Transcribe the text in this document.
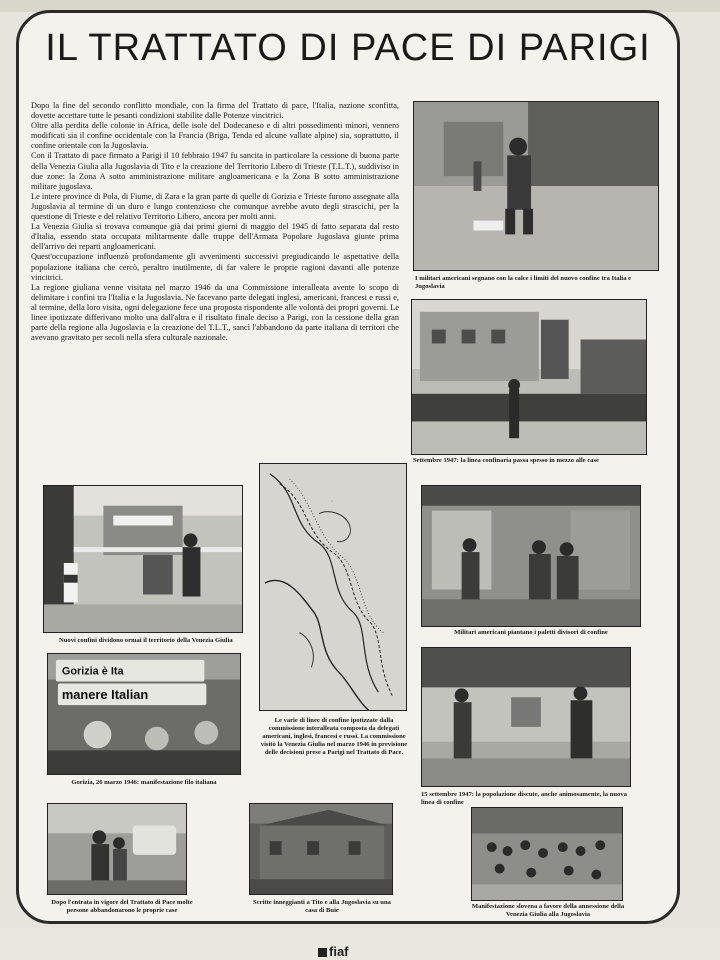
IL TRATTATO DI PACE DI PARIGI

Dopo la fine del secondo conflitto mondiale, con la firma del Trattato di pace, l'Italia, nazione sconfitta, dovette accettare tutte le pesanti condizioni stabilite dalle Potenze vincitrici.

Oltre alla perdita delle colonie in Africa, delle isole del Dodecaneso e di altri possedimenti minori, vennero modificati sia il confine occidentale con la Francia (Briga, Tenda ed alcune vallate alpine) sia, soprattutto, il confine orientale con la Jugoslavia.

Con il Trattato di pace firmato a Parigi il 10 febbraio 1947 fu sancita in particolare la cessione di buona parte della Venezia Giulia alla Jugoslavia di Tito e la creazione del Territorio Libero di Trieste (T.L.T.), suddiviso in due zone: la Zona A sotto amministrazione militare angloamericana e la Zona B sotto amministrazione militare jugoslava.

Le intere province di Pola, di Fiume, di Zara e la gran parte di quelle di Gorizia e Trieste furono assegnate alla Jugoslavia al termine di un duro e lungo contenzioso che comunque avrebbe avuto degli strascichi, per la questione di Trieste e del relativo Territorio Libero, ancora per molti anni.

La Venezia Giulia si trovava comunque già dai primi giorni di maggio del 1945 di fatto separata dal resto d'Italia, essendo stata occupata militarmente dalle truppe dell'Armata Popolare Jugoslava giunte prima dell'arrivo dei reparti angloamericani.

Quest'occupazione influenzò profondamente gli avvenimenti successivi pregiudicando le aspettative della popolazione italiana che cercò, peraltro inutilmente, di far valere le proprie ragioni davanti alle potenze vincitrici.

La regione giuliana venne visitata nel marzo 1946 da una Commissione interalleata avente lo scopo di delimitare i confini tra l'Italia e la Jugoslavia. Ne facevano parte delegati inglesi, americani, francesi e russi e, al termine, della loro visita, ogni delegazione fece una proposta rispondente alle volontà dei propri governi. Le linee ipotizzate differivano molto una dall'altra e il risultato finale deciso a Parigi, con la cessione della gran parte della regione alla Jugoslavia e la creazione del T.L.T., sancì l'abbandono da parte italiana di territori che avevano gravitato per secoli nella sfera culturale nazionale.

I militari americani segnano con la calce i limiti del nuovo confine tra Italia e Jugoslavia
Settembre 1947: la linea confinaria passa spesso in mezzo alle case
Nuovi confini dividono ormai il territorio della Venezia Giulia
·
Le varie di linee di confine ipotizzate dalla commissione interalleata composta da delegati americani, inglesi, francesi e russi. La commissione visitò la Venezia Giulia nel marzo 1946 in previsione delle decisioni prese a Parigi nel Trattato di Pace.
Militari americani piantano i paletti divisori di confine
Gorizia è Ita
manere Italian
Gorizia, 26 marzo 1946: manifestazione filo italiana
15 settembre 1947: la popolazione discute, anche animosamente, la nuova linea di confine
Dopo l'entrata in vigore del Trattato di Pace molte persone abbandonarono le proprie case
Scritte inneggianti a Tito e alla Jugoslavia su una casa di Buie
Manifestazione slovena a favore della annessione della Venezia Giulia alla Jugoslavia
fiaf
